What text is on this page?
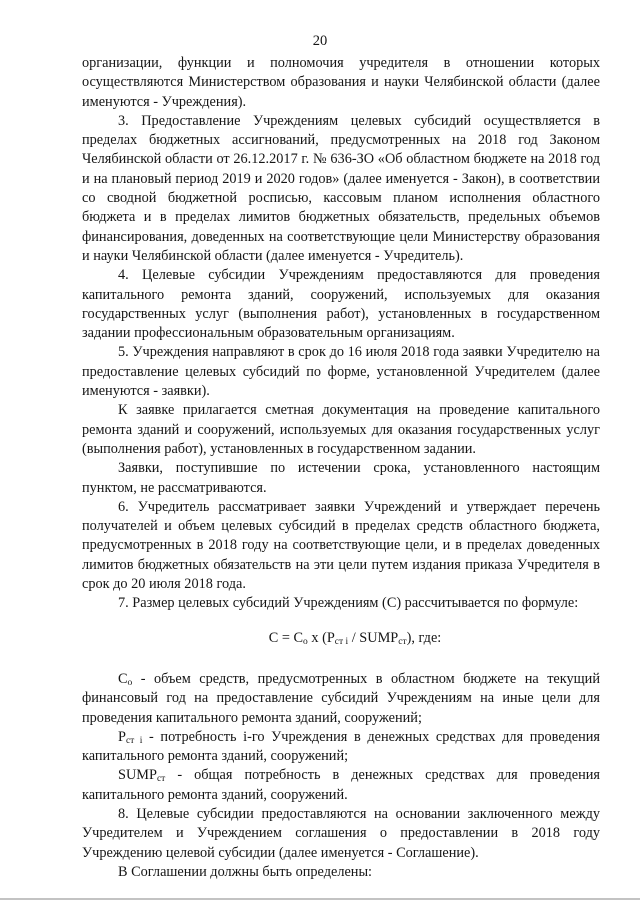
20

организации, функции и полномочия учредителя в отношении которых осуществляются Министерством образования и науки Челябинской области (далее именуются - Учреждения).

3. Предоставление Учреждениям целевых субсидий осуществляется в пределах бюджетных ассигнований, предусмотренных на 2018 год Законом Челябинской области от 26.12.2017 г. № 636-ЗО «Об областном бюджете на 2018 год и на плановый период 2019 и 2020 годов» (далее именуется - Закон), в соответствии со сводной бюджетной росписью, кассовым планом исполнения областного бюджета и в пределах лимитов бюджетных обязательств, предельных объемов финансирования, доведенных на соответствующие цели Министерству образования и науки Челябинской области (далее именуется - Учредитель).

4. Целевые субсидии Учреждениям предоставляются для проведения капитального ремонта зданий, сооружений, используемых для оказания государственных услуг (выполнения работ), установленных в государственном задании профессиональным образовательным организациям.

5. Учреждения направляют в срок до 16 июля 2018 года заявки Учредителю на предоставление целевых субсидий по форме, установленной Учредителем (далее именуются - заявки).

К заявке прилагается сметная документация на проведение капитального ремонта зданий и сооружений, используемых для оказания государственных услуг (выполнения работ), установленных в государственном задании.

Заявки, поступившие по истечении срока, установленного настоящим пунктом, не рассматриваются.

6. Учредитель рассматривает заявки Учреждений и утверждает перечень получателей и объем целевых субсидий в пределах средств областного бюджета, предусмотренных в 2018 году на соответствующие цели, и в пределах доведенных лимитов бюджетных обязательств на эти цели путем издания приказа Учредителя в срок до 20 июля 2018 года.

7. Размер целевых субсидий Учреждениям (С) рассчитывается по формуле:

$С = С_о$ x ($Р_{ст i}$ / $SUMP_{ст}$), где:

$С_о$ - объем средств, предусмотренных в областном бюджете на текущий финансовый год на предоставление субсидий Учреждениям на иные цели для проведения капитального ремонта зданий, сооружений;

$Р_{ст i}$ - потребность i-го Учреждения в денежных средствах для проведения капитального ремонта зданий, сооружений;

$SUMP_{ст}$ - общая потребность в денежных средствах для проведения капитального ремонта зданий, сооружений.

8. Целевые субсидии предоставляются на основании заключенного между Учредителем и Учреждением соглашения о предоставлении в 2018 году Учреждению целевой субсидии (далее именуется - Соглашение).

В Соглашении должны быть определены:
